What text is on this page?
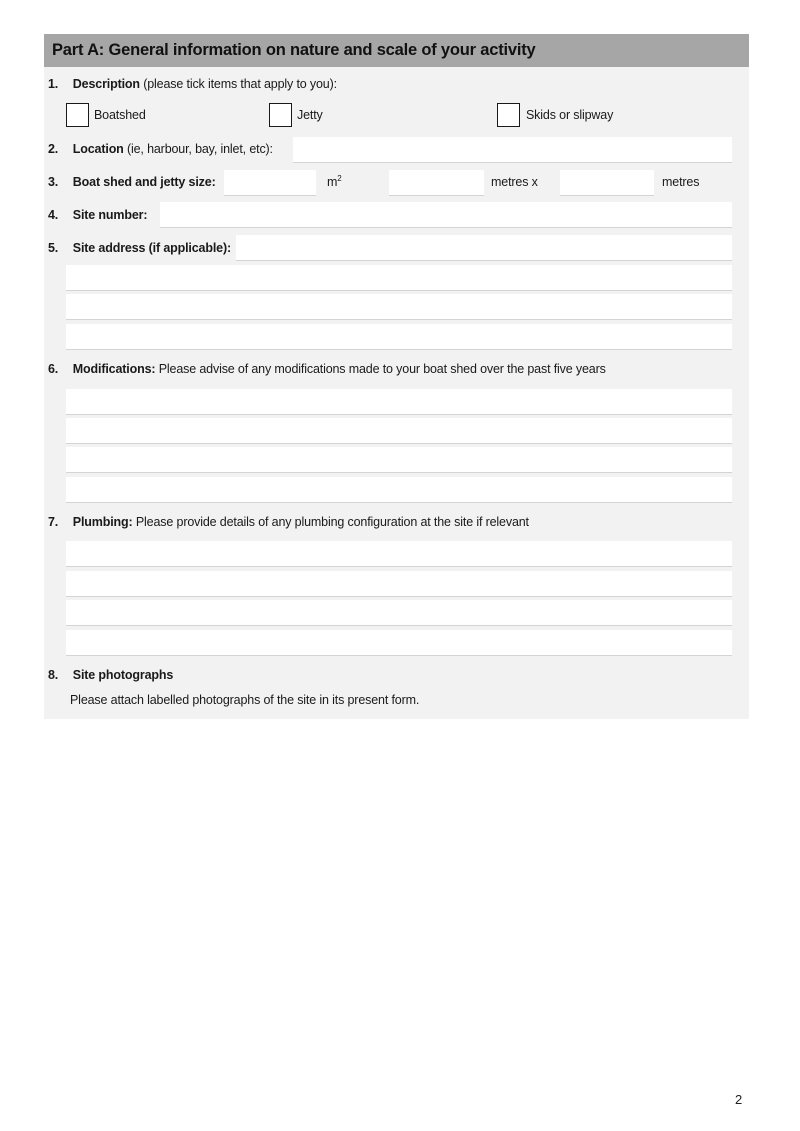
Part A: General information on nature and scale of your activity
1. Description (please tick items that apply to you):
Boatshed	Jetty	Skids or slipway
2. Location (ie, harbour, bay, inlet, etc):
3. Boat shed and jetty size:	$m^2$	metres x	metres
4. Site number:
5. Site address (if applicable):
6. Modifications: Please advise of any modifications made to your boat shed over the past five years
7. Plumbing: Please provide details of any plumbing configuration at the site if relevant
8. Site photographs
Please attach labelled photographs of the site in its present form.
2
